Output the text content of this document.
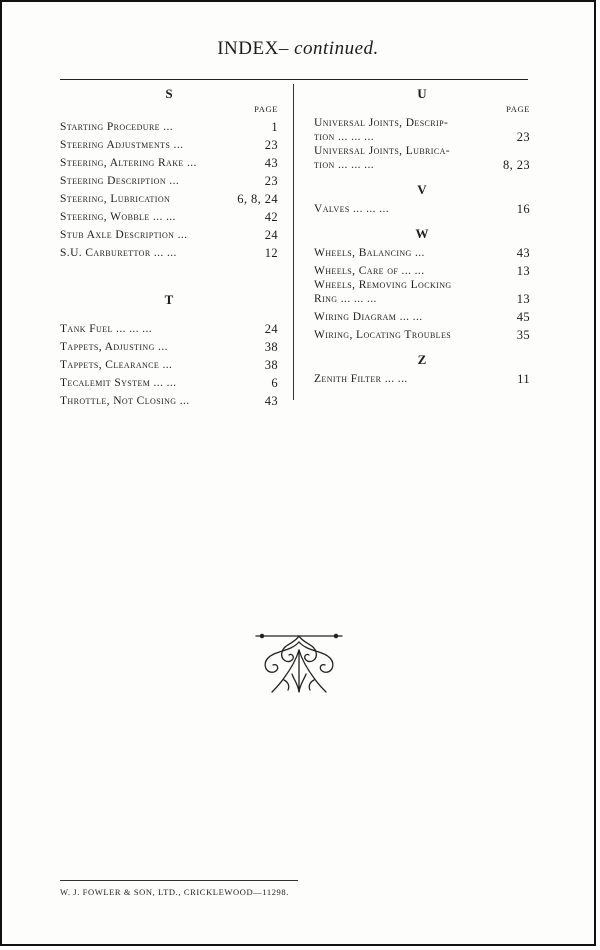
INDEX– continued.
S
PAGE
Starting Procedure ...	1
Steering Adjustments ...	23
Steering, Altering Rake ...	43
Steering Description ...	23
Steering, Lubrication	6, 8, 24
Steering, Wobble ... ...	42
Stub Axle Description ...	24
S.U. Carburettor ... ...	12
T
Tank Fuel ... ... ...	24
Tappets, Adjusting ...	38
Tappets, Clearance ...	38
Tecalemit System ... ...	6
Throttle, Not Closing ...	43
U
PAGE
Universal Joints, Descrip-
tion ... ... ...	23
Universal Joints, Lubrica-
tion ... ... ...	8, 23
V
Valves ... ... ...	16
W
Wheels, Balancing ...	43
Wheels, Care of ... ...	13
Wheels, Removing Locking
Ring ... ... ...	13
Wiring Diagram ... ...	45
Wiring, Locating Troubles	35
Z
Zenith Filter ... ...	11
W. J. FOWLER & SON, LTD., CRICKLEWOOD—11298.
